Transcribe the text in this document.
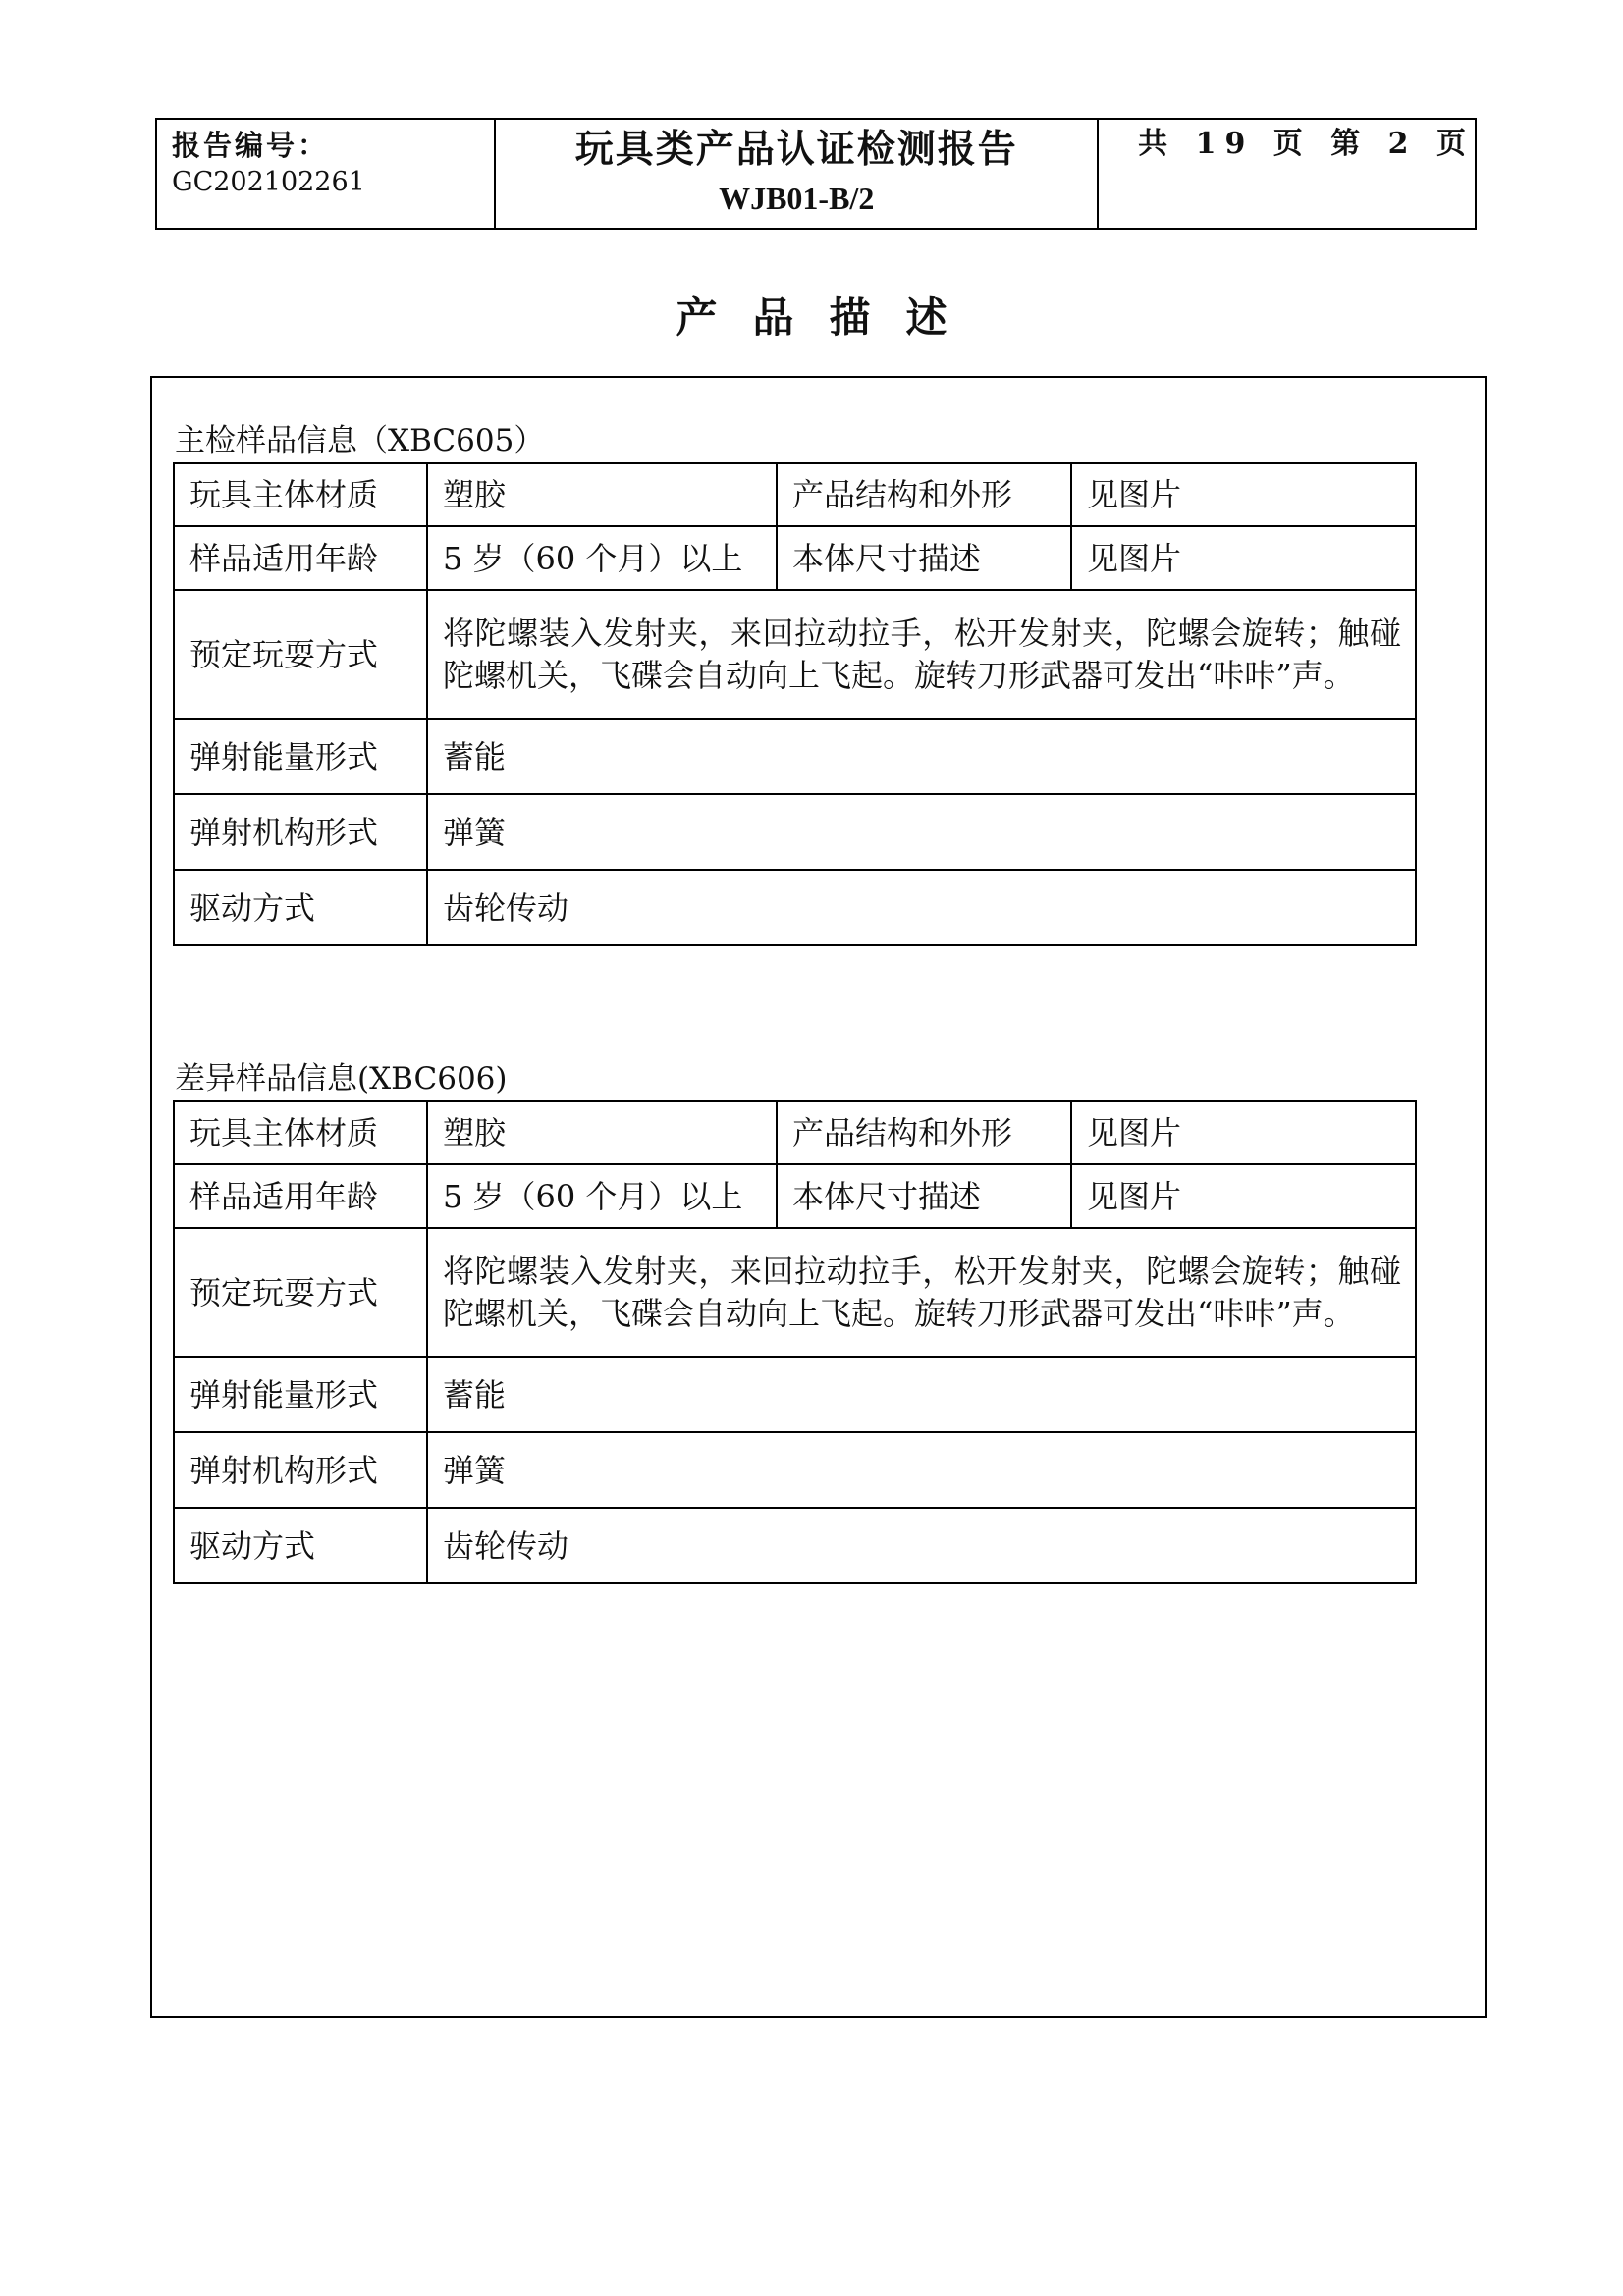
报告编号：
GC202102261
玩具类产品认证检测报告
WJB01-B/2
共 19 页 第 2 页
产品描述
主检样品信息（XBC605）
玩具主体材质	塑胶	产品结构和外形	见图片
样品适用年龄	5 岁（60 个月）以上	本体尺寸描述	见图片
预定玩耍方式	将陀螺装入发射夹，来回拉动拉手，松开发射夹，陀螺会旋转；触碰陀螺机关，飞碟会自动向上飞起。旋转刀形武器可发出“咔咔”声。		
弹射能量形式	蓄能		
弹射机构形式	弹簧		
驱动方式	齿轮传动		
差异样品信息(XBC606)
玩具主体材质	塑胶	产品结构和外形	见图片
样品适用年龄	5 岁（60 个月）以上	本体尺寸描述	见图片
预定玩耍方式	将陀螺装入发射夹，来回拉动拉手，松开发射夹，陀螺会旋转；触碰陀螺机关，飞碟会自动向上飞起。旋转刀形武器可发出“咔咔”声。		
弹射能量形式	蓄能		
弹射机构形式	弹簧		
驱动方式	齿轮传动		
